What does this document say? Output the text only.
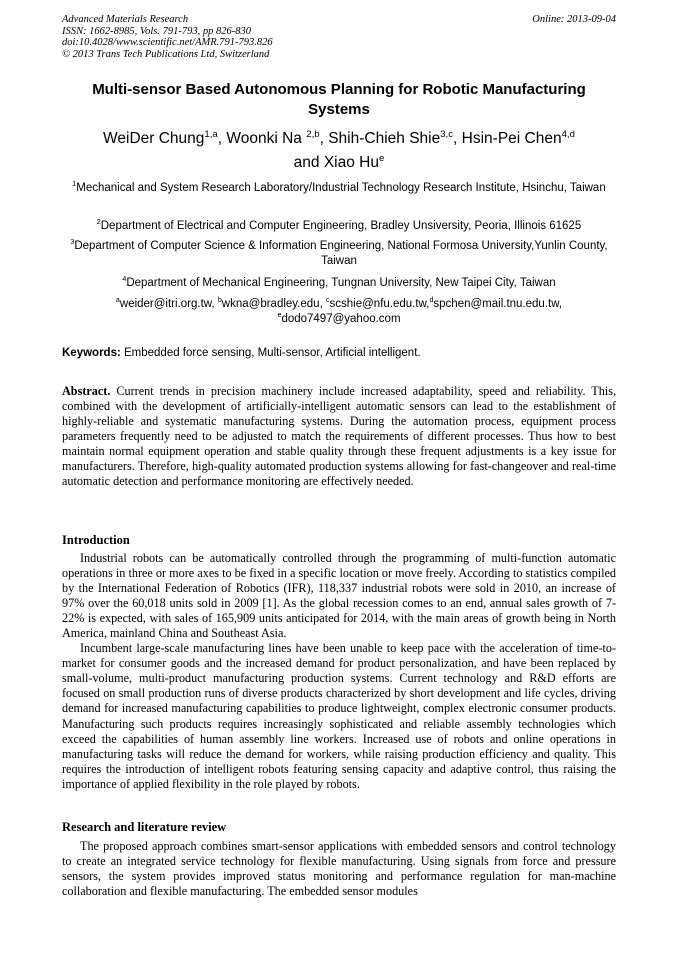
Advanced Materials Research
ISSN: 1662-8985, Vols. 791-793, pp 826-830
doi:10.4028/www.scientific.net/AMR.791-793.826
© 2013 Trans Tech Publications Ltd, Switzerland
Online: 2013-09-04
Multi-sensor Based Autonomous Planning for Robotic Manufacturing
Systems
WeiDer Chung$^{1,a}$, Woonki Na $^{2,b}$, Shih-Chieh Shie$^{3,c}$, Hsin-Pei Chen$^{4,d}$
and Xiao Hu$^e$
$^1$Mechanical and System Research Laboratory/Industrial Technology Research Institute, Hsinchu, Taiwan
$^2$Department of Electrical and Computer Engineering, Bradley Unsiversity, Peoria, Illinois 61625
$^3$Department of Computer Science & Information Engineering, National Formosa University,Yunlin County, Taiwan
$^4$Department of Mechanical Engineering, Tungnan University, New Taipei City, Taiwan
$^a$weider@itri.org.tw, $^b$wkna@bradley.edu, $^c$scshie@nfu.edu.tw,$^d$spchen@mail.tnu.edu.tw,
$^e$dodo7497@yahoo.com
Keywords: Embedded force sensing, Multi-sensor, Artificial intelligent.

Abstract. Current trends in precision machinery include increased adaptability, speed and reliability. This, combined with the development of artificially-intelligent automatic sensors can lead to the establishment of highly-reliable and systematic manufacturing systems. During the automation process, equipment process parameters frequently need to be adjusted to match the requirements of different processes. Thus how to best maintain normal equipment operation and stable quality through these frequent adjustments is a key issue for manufacturers. Therefore, high-quality automated production systems allowing for fast-changeover and real-time automatic detection and performance monitoring are effectively needed.

Introduction

Industrial robots can be automatically controlled through the programming of multi-function automatic operations in three or more axes to be fixed in a specific location or move freely. According to statistics compiled by the International Federation of Robotics (IFR), 118,337 industrial robots were sold in 2010, an increase of 97% over the 60,018 units sold in 2009 [1]. As the global recession comes to an end, annual sales growth of 7-22% is expected, with sales of 165,909 units anticipated for 2014, with the main areas of growth being in North America, mainland China and Southeast Asia.

Incumbent large-scale manufacturing lines have been unable to keep pace with the acceleration of time-to-market for consumer goods and the increased demand for product personalization, and have been replaced by small-volume, multi-product manufacturing production systems. Current technology and R&D efforts are focused on small production runs of diverse products characterized by short development and life cycles, driving demand for increased manufacturing capabilities to produce lightweight, complex electronic consumer products. Manufacturing such products requires increasingly sophisticated and reliable assembly technologies which exceed the capabilities of human assembly line workers. Increased use of robots and online operations in manufacturing tasks will reduce the demand for workers, while raising production efficiency and quality. This requires the introduction of intelligent robots featuring sensing capacity and adaptive control, thus raising the importance of applied flexibility in the role played by robots.

Research and literature review

The proposed approach combines smart-sensor applications with embedded sensors and control technology to create an integrated service technology for flexible manufacturing. Using signals from force and pressure sensors, the system provides improved status monitoring and performance regulation for man-machine collaboration and flexible manufacturing. The embedded sensor modules
